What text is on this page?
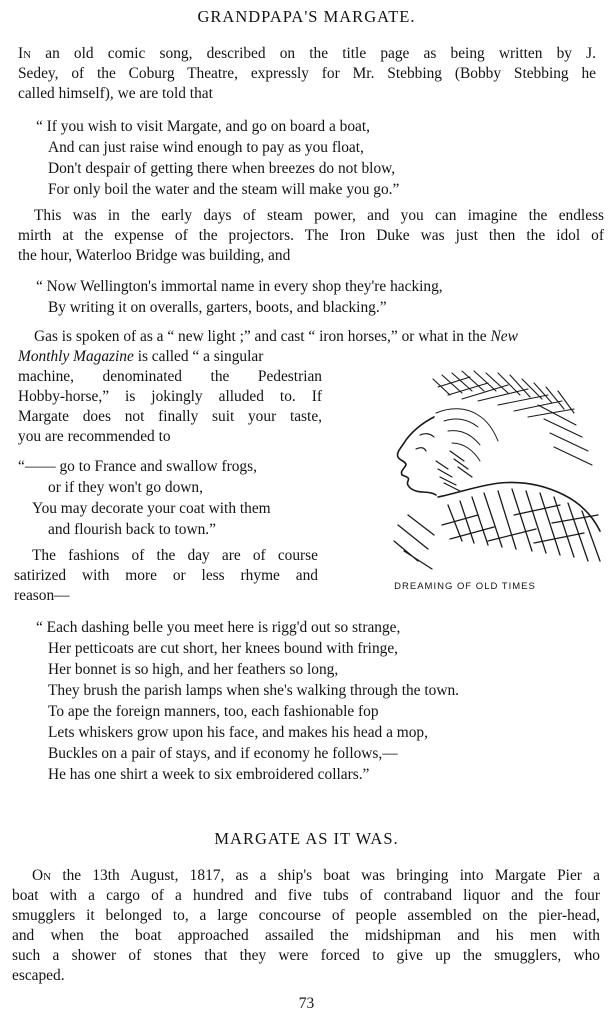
GRANDPAPA'S MARGATE.
In an old comic song, described on the title page as being written by J.
Sedey, of the Coburg Theatre, expressly for Mr. Stebbing (Bobby Stebbing he
called himself), we are told that
“ If you wish to visit Margate, and go on board a boat,
And can just raise wind enough to pay as you float,
Don't despair of getting there when breezes do not blow,
For only boil the water and the steam will make you go.”
This was in the early days of steam power, and you can imagine the endless
mirth at the expense of the projectors. The Iron Duke was just then the idol of
the hour, Waterloo Bridge was building, and
“ Now Wellington's immortal name in every shop they're hacking,
By writing it on overalls, garters, boots, and blacking.”
Gas is spoken of as a “ new light ;” and cast “ iron horses,” or what in the New
Monthly Magazine is called “ a singular
machine, denominated the Pedestrian
Hobby-horse,” is jokingly alluded to. If
Margate does not finally suit your taste,
you are recommended to
“—— go to France and swallow frogs,
or if they won't go down,
You may decorate your coat with them
and flourish back to town.”
The fashions of the day are of course
satirized with more or less rhyme and
reason—
DREAMING OF OLD TIMES
“ Each dashing belle you meet here is rigg'd out so strange,
Her petticoats are cut short, her knees bound with fringe,
Her bonnet is so high, and her feathers so long,
They brush the parish lamps when she's walking through the town.
To ape the foreign manners, too, each fashionable fop
Lets whiskers grow upon his face, and makes his head a mop,
Buckles on a pair of stays, and if economy he follows,—
He has one shirt a week to six embroidered collars.”
MARGATE AS IT WAS.
On the 13th August, 1817, as a ship's boat was bringing into Margate Pier a
boat with a cargo of a hundred and five tubs of contraband liquor and the four
smugglers it belonged to, a large concourse of people assembled on the pier-head,
and when the boat approached assailed the midshipman and his men with
such a shower of stones that they were forced to give up the smugglers, who
escaped.
73
